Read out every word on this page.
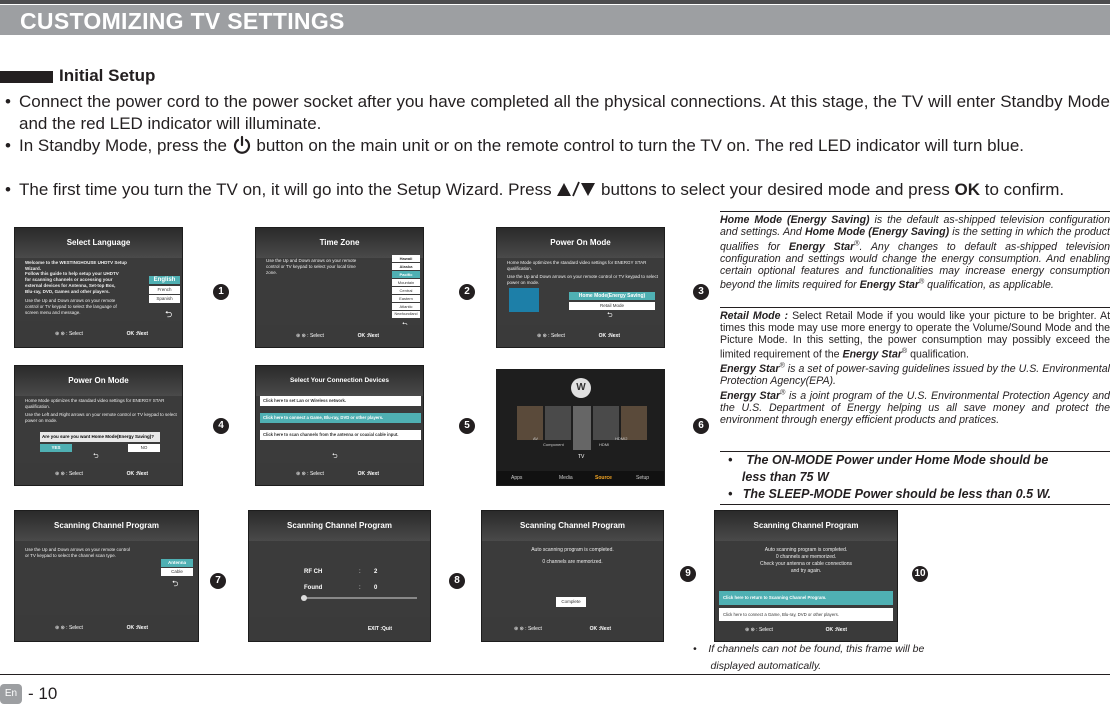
CUSTOMIZING TV SETTINGS
Initial Setup
• Connect the power cord to the power socket after you have completed all the physical connections. At this stage, the TV will enter Standby Mode and the red LED indicator will illuminate.
• In Standby Mode, press the button on the main unit or on the remote control to turn the TV on. The red LED indicator will turn blue.
• The first time you turn the TV on, it will go into the Setup Wizard. Press	buttons to select your desired mode and press OK to confirm.
Select Language
Welcome to the WESTINGHOUSE UHDTV Setup Wizard.
Follow this guide to help setup your UHDTV for scanning channels or accessing your external devices for Antenna, Set-top Box, Blu-ray, DVD, Games and other players.
Use the Up and Down arrows on your remote control or TV keypad to select the language of screen menu and message.
English
French
Spanish
⮌
⊛ ⊛ : Select	OK :Next
1
Time Zone
Use the Up and Down arrows on your remote control or TV keypad to select your local time zone.
Hawaii
Alaska
Pacific
Mountain
Central
Eastern
Atlantic
Newfoundland
⊛ ⊛ : Select	OK :Next
2
Power On Mode
Home Mode optimizes the standard video settings for ENERGY STAR qualification.
Use the Up and Down arrows on your remote control or TV keypad to select power on mode.
Home Mode(Energy Saving)
Retail Mode
⮌
⊛ ⊛ : Select	OK :Next
3
Power On Mode
Home Mode optimizes the standard video settings for ENERGY STAR qualification.
Use the Left and Right arrows on your remote control or TV keypad to select power on mode.
Are you sure you want Home Mode(Energy Saving)?
YES	NO
⮌
⊛ ⊛ : Select	OK :Next
4
Select Your Connection Devices
Click here to set Lan or Wireless network.
Click here to connect a Game, Blu-ray, DVD or other players.
Click here to scan channels from the antenna or coaxial cable input.
⮌
⊛ ⊛ : Select	OK :Next
5
W
AV
Component	HDMI
HDMI2
TV
Apps	Media	Source	Setup
6
Scanning Channel Program
Use the Up and Down arrows on your remote control or TV keypad to select the channel scan type.
Antenna
Cable
⮌
⊛ ⊛ : Select	OK :Next
7
Scanning Channel Program
RF CH	: 2
Found	: 0
EXIT :Quit
8
Scanning Channel Program
Auto scanning program is completed.
0 channels are memorized.
Complete
⊛ ⊛ : Select	OK :Next
9
Scanning Channel Program
Auto scanning program is completed.
0 channels are memorized.
Check your antenna or cable connections
and try again.
Click here to return to Scanning Channel Program.
Click here to connect a Game, Blu-ray, DVD or other players.
⊛ ⊛ : Select	OK :Next
10
Home Mode (Energy Saving) is the default as-shipped television configuration and settings. And Home Mode (Energy Saving) is the setting in which the product qualifies for Energy Star®. Any changes to default as-shipped television configuration and settings would change the energy consumption. And enabling certain optional features and functionalities may increase energy consumption beyond the limits required for Energy Star® qualification, as applicable.
Retail Mode : Select Retail Mode if you would like your picture to be brighter. At times this mode may use more energy to operate the Volume/Sound Mode and the Picture Mode. In this setting, the power consumption may possibly exceed the limited requirement of the Energy Star® qualification.
Energy Star® is a set of power-saving guidelines issued by the U.S. Environmental Protection Agency(EPA).
Energy Star® is a joint program of the U.S. Environmental Protection Agency and the U.S. Department of Energy helping us all save money and protect the environment through energy efficient products and pratices.
•    The ON-MODE Power under Home Mode should be
less than 75 W
•   The SLEEP-MODE Power should be less than 0.5 W.
•    If channels can not be found, this frame will be
displayed automatically.
En - 10
